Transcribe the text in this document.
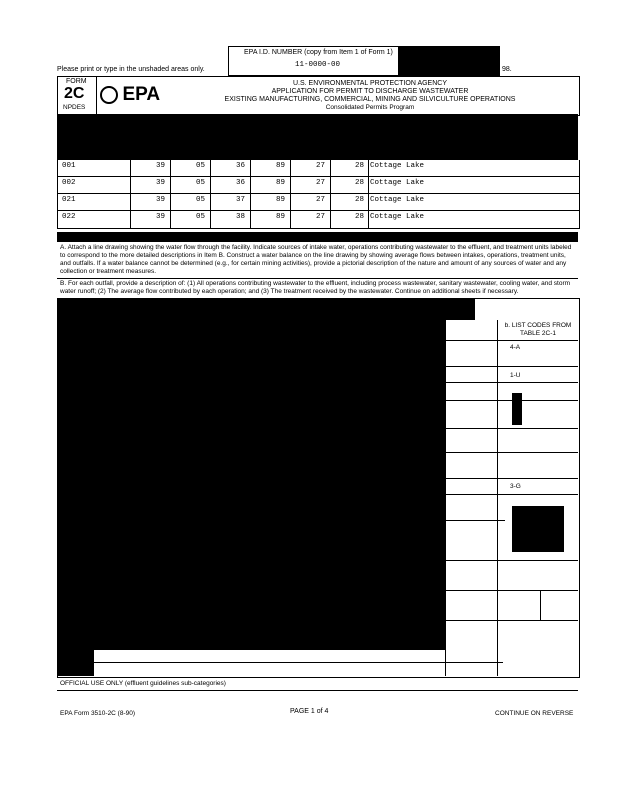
EPA I.D. NUMBER (copy from Item 1 of Form 1)
11-0000-00
98.
Please print or type in the unshaded areas only.
FORM
2C
NPDES
EPA
U.S. ENVIRONMENTAL PROTECTION AGENCY
APPLICATION FOR PERMIT TO DISCHARGE WASTEWATER
EXISTING MANUFACTURING, COMMERCIAL, MINING AND SILVICULTURE OPERATIONS
Consolidated Permits Program
001	39	05	36	89	27	28 Cottage Lake
002	39	05	36	89	27	28 Cottage Lake
021	39	05	37	89	27	28 Cottage Lake
022	39	05	38	89	27	28 Cottage Lake
A. Attach a line drawing showing the water flow through the facility. Indicate sources of intake water, operations contributing wastewater to the effluent, and treatment units labeled to correspond to the more detailed descriptions in Item B. Construct a water balance on the line drawing by showing average flows between intakes, operations, treatment units, and outfalls. If a water balance cannot be determined (e.g., for certain mining activities), provide a pictorial description of the nature and amount of any sources of water and any collection or treatment measures.
B. For each outfall, provide a description of: (1) All operations contributing wastewater to the effluent, including process wastewater, sanitary wastewater, cooling water, and storm water runoff; (2) The average flow contributed by each operation; and (3) The treatment received by the wastewater. Continue on additional sheets if necessary.
b. LIST CODES FROM TABLE 2C-1
4-A
1-U
3-G
OFFICIAL USE ONLY (effluent guidelines sub-categories)
EPA Form 3510-2C (8-90)	PAGE 1 of 4	CONTINUE ON REVERSE
